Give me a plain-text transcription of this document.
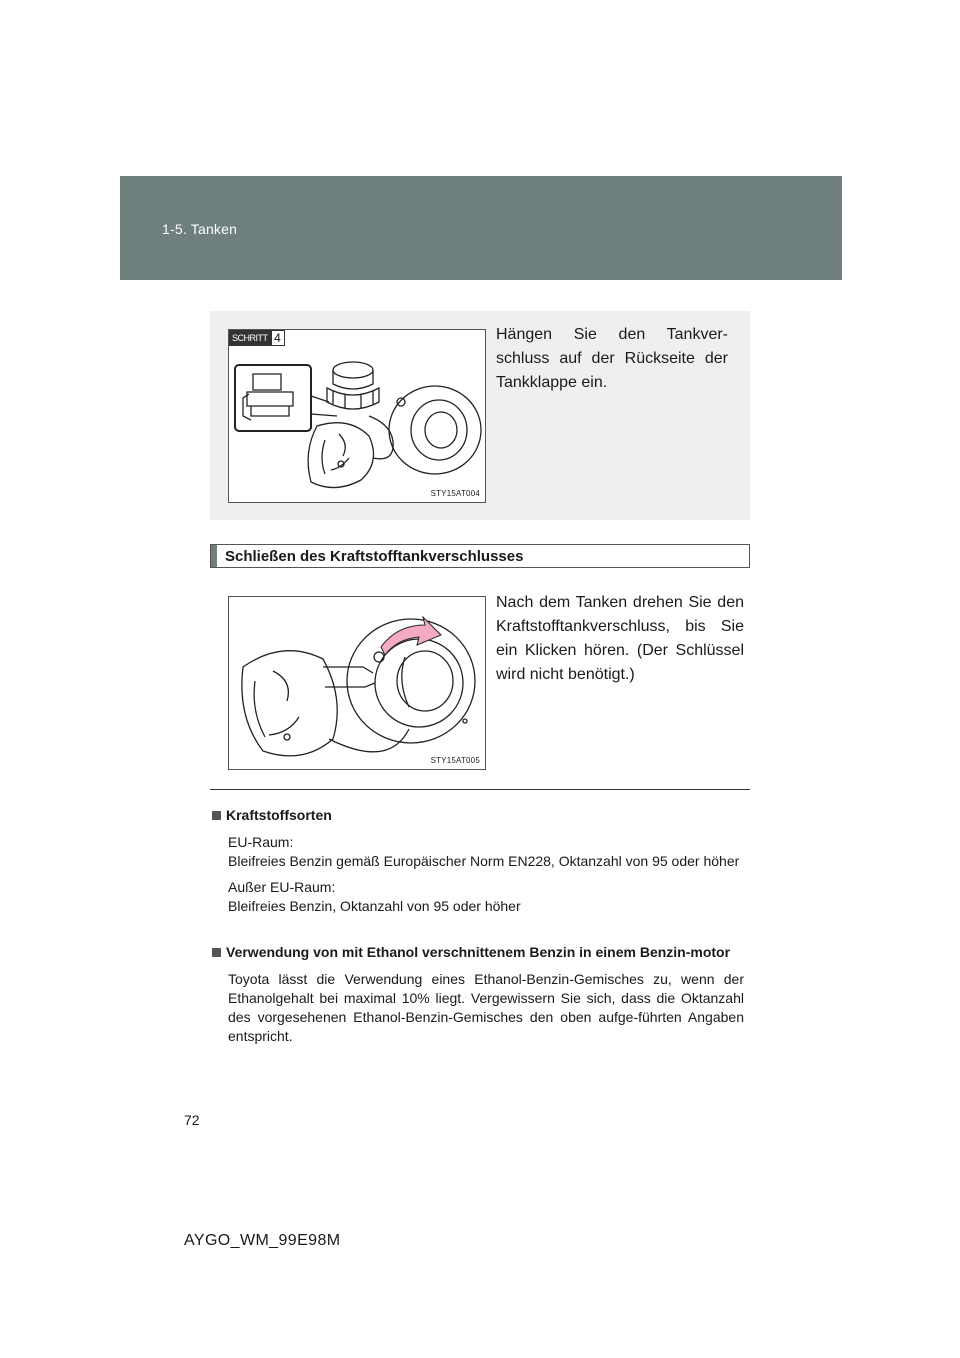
1-5. Tanken
SCHRITT 4
STY15AT004
Hängen Sie den Tankver-schluss auf der Rückseite der Tankklappe ein.
Schließen des Kraftstofftankverschlusses
STY15AT005
Nach dem Tanken drehen Sie den Kraftstofftankverschluss, bis Sie ein Klicken hören. (Der Schlüssel wird nicht benötigt.)
Kraftstoffsorten
EU-Raum:
Bleifreies Benzin gemäß Europäischer Norm EN228, Oktanzahl von 95 oder höher
Außer EU-Raum:
Bleifreies Benzin, Oktanzahl von 95 oder höher
Verwendung von mit Ethanol verschnittenem Benzin in einem Benzin-motor
Toyota lässt die Verwendung eines Ethanol-Benzin-Gemisches zu, wenn der Ethanolgehalt bei maximal 10% liegt. Vergewissern Sie sich, dass die Oktanzahl des vorgesehenen Ethanol-Benzin-Gemisches den oben aufge-führten Angaben entspricht.
72
AYGO_WM_99E98M
